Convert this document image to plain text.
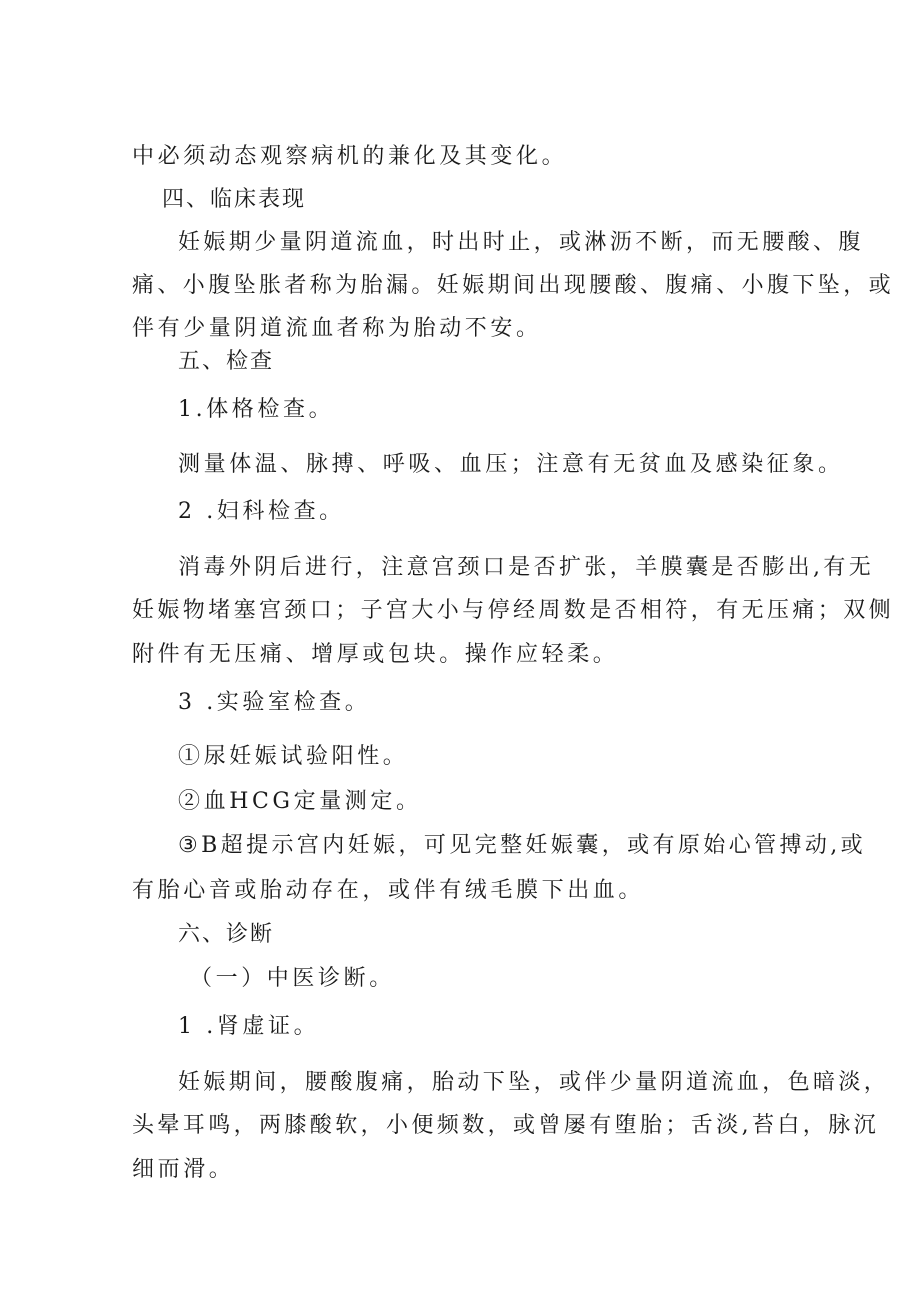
中必须动态观察病机的兼化及其变化。
四、临床表现
妊娠期少量阴道流血，时出时止，或淋沥不断，而无腰酸、腹
痛、小腹坠胀者称为胎漏。妊娠期间出现腰酸、腹痛、小腹下坠，或
伴有少量阴道流血者称为胎动不安。
五、检查
1.体格检查。
测量体温、脉搏、呼吸、血压；注意有无贫血及感染征象。
2 .妇科检查。
消毒外阴后进行，注意宫颈口是否扩张，羊膜囊是否膨出,有无
妊娠物堵塞宫颈口；子宫大小与停经周数是否相符，有无压痛；双侧
附件有无压痛、增厚或包块。操作应轻柔。
3 .实验室检查。
①尿妊娠试验阳性。
②血HCG定量测定。
③B超提示宫内妊娠，可见完整妊娠囊，或有原始心管搏动,或
有胎心音或胎动存在，或伴有绒毛膜下出血。
六、诊断
（一）中医诊断。
1 .肾虚证。
妊娠期间，腰酸腹痛，胎动下坠，或伴少量阴道流血，色暗淡，
头晕耳鸣，两膝酸软，小便频数，或曾屡有堕胎；舌淡,苔白，脉沉
细而滑。
